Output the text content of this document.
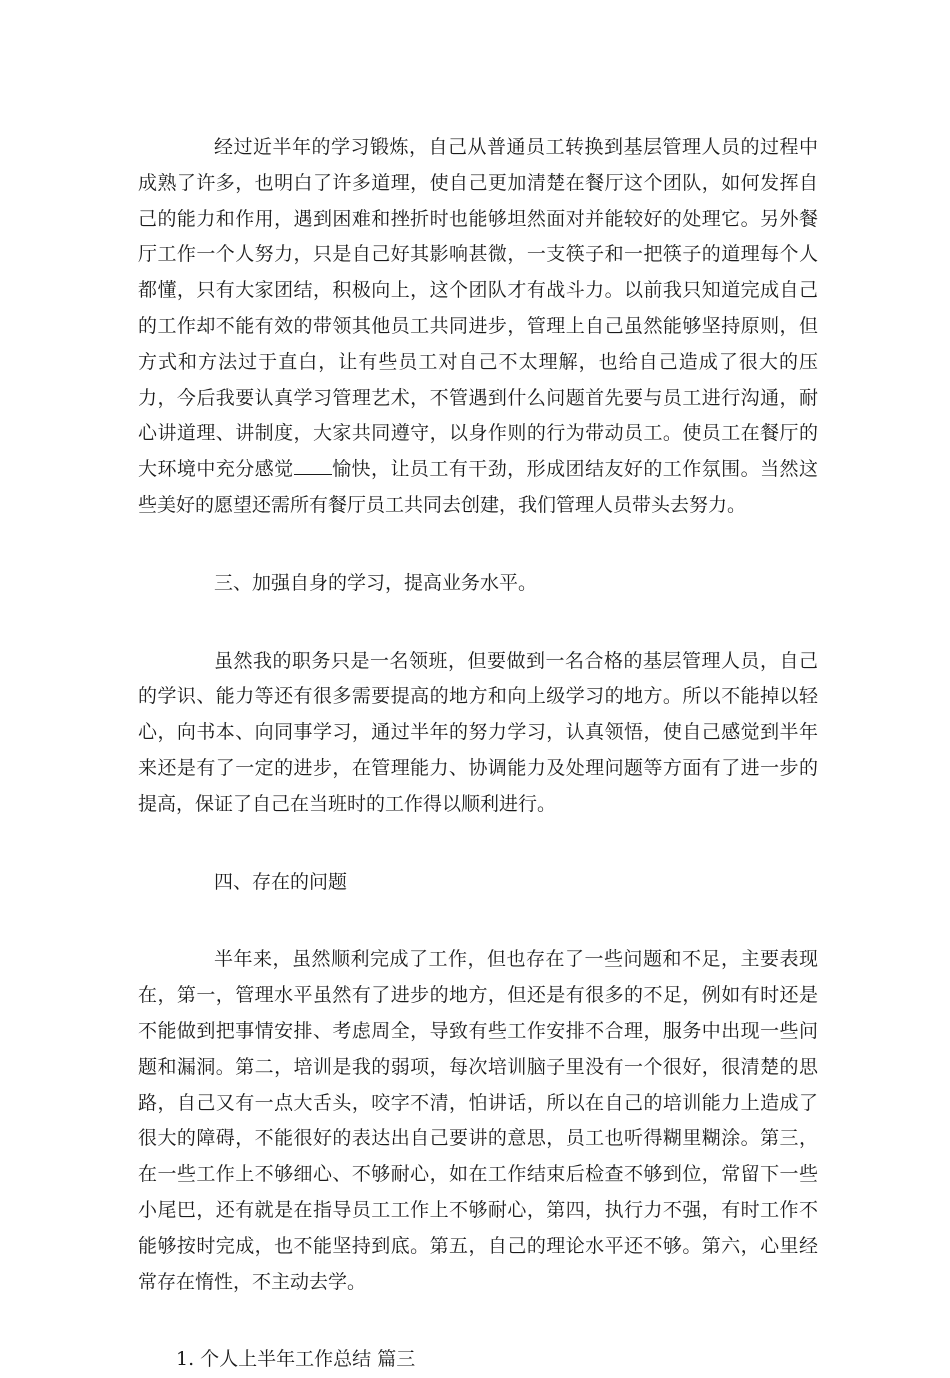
经过近半年的学习锻炼，自己从普通员工转换到基层管理人员的过程中成熟了许多，也明白了许多道理，使自己更加清楚在餐厅这个团队，如何发挥自己的能力和作用，遇到困难和挫折时也能够坦然面对并能较好的处理它。另外餐厅工作一个人努力，只是自己好其影响甚微，一支筷子和一把筷子的道理每个人都懂，只有大家团结，积极向上，这个团队才有战斗力。以前我只知道完成自己的工作却不能有效的带领其他员工共同进步，管理上自己虽然能够坚持原则，但方式和方法过于直白，让有些员工对自己不太理解，也给自己造成了很大的压力，今后我要认真学习管理艺术，不管遇到什么问题首先要与员工进行沟通，耐心讲道理、讲制度，大家共同遵守，以身作则的行为带动员工。使员工在餐厅的大环境中充分感觉 愉快，让员工有干劲，形成团结友好的工作氛围。当然这些美好的愿望还需所有餐厅员工共同去创建，我们管理人员带头去努力。

三、加强自身的学习，提高业务水平。

虽然我的职务只是一名领班，但要做到一名合格的基层管理人员，自己的学识、能力等还有很多需要提高的地方和向上级学习的地方。所以不能掉以轻心，向书本、向同事学习，通过半年的努力学习，认真领悟，使自己感觉到半年来还是有了一定的进步，在管理能力、协调能力及处理问题等方面有了进一步的提高，保证了自己在当班时的工作得以顺利进行。

四、存在的问题

半年来，虽然顺利完成了工作，但也存在了一些问题和不足，主要表现在，第一，管理水平虽然有了进步的地方，但还是有很多的不足，例如有时还是不能做到把事情安排、考虑周全，导致有些工作安排不合理，服务中出现一些问题和漏洞。第二，培训是我的弱项，每次培训脑子里没有一个很好，很清楚的思路，自己又有一点大舌头，咬字不清，怕讲话，所以在自己的培训能力上造成了很大的障碍，不能很好的表达出自己要讲的意思，员工也听得糊里糊涂。第三，在一些工作上不够细心、不够耐心，如在工作结束后检查不够到位，常留下一些小尾巴，还有就是在指导员工工作上不够耐心，第四，执行力不强，有时工作不能够按时完成，也不能坚持到底。第五，自己的理论水平还不够。第六，心里经常存在惰性，不主动去学。

1. 个人上半年工作总结 篇三
